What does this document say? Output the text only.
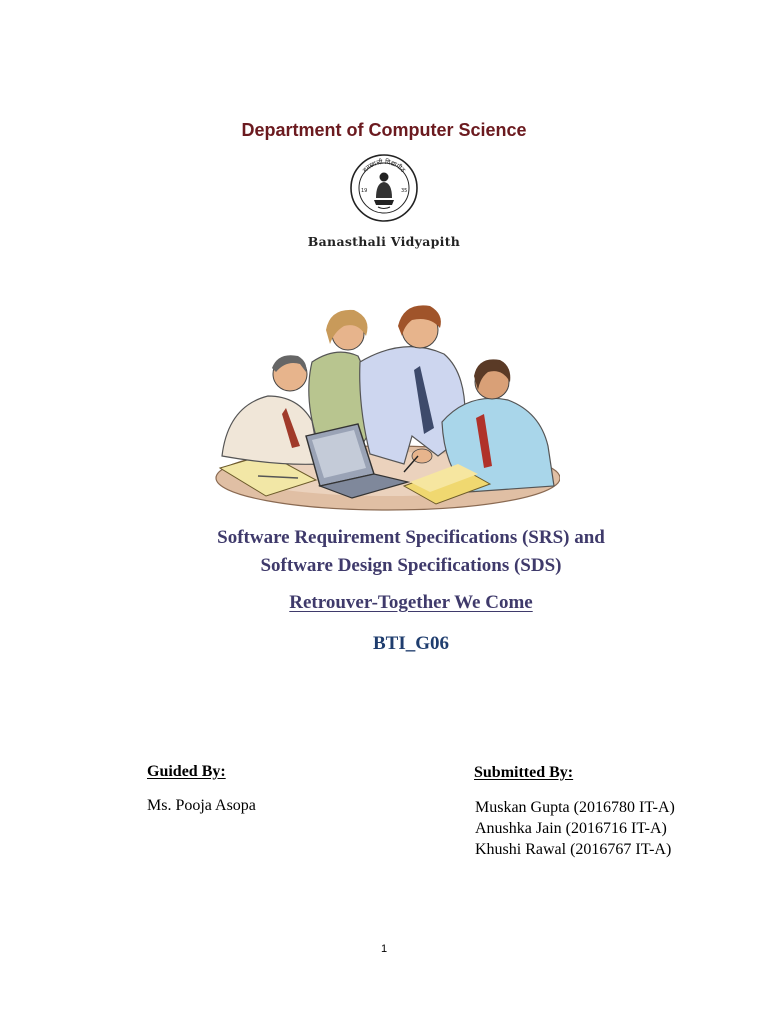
Department of Computer Science
बनस्थली विद्यापीठ
19	35
Banasthali Vidyapith
Software Requirement Specifications (SRS) and
Software Design Specifications (SDS)
Retrouver-Together We Come
BTI_G06
Guided By:
Ms. Pooja Asopa
Submitted By:
Muskan Gupta (2016780 IT-A)
Anushka Jain (2016716 IT-A)
Khushi Rawal (2016767 IT-A)
1
